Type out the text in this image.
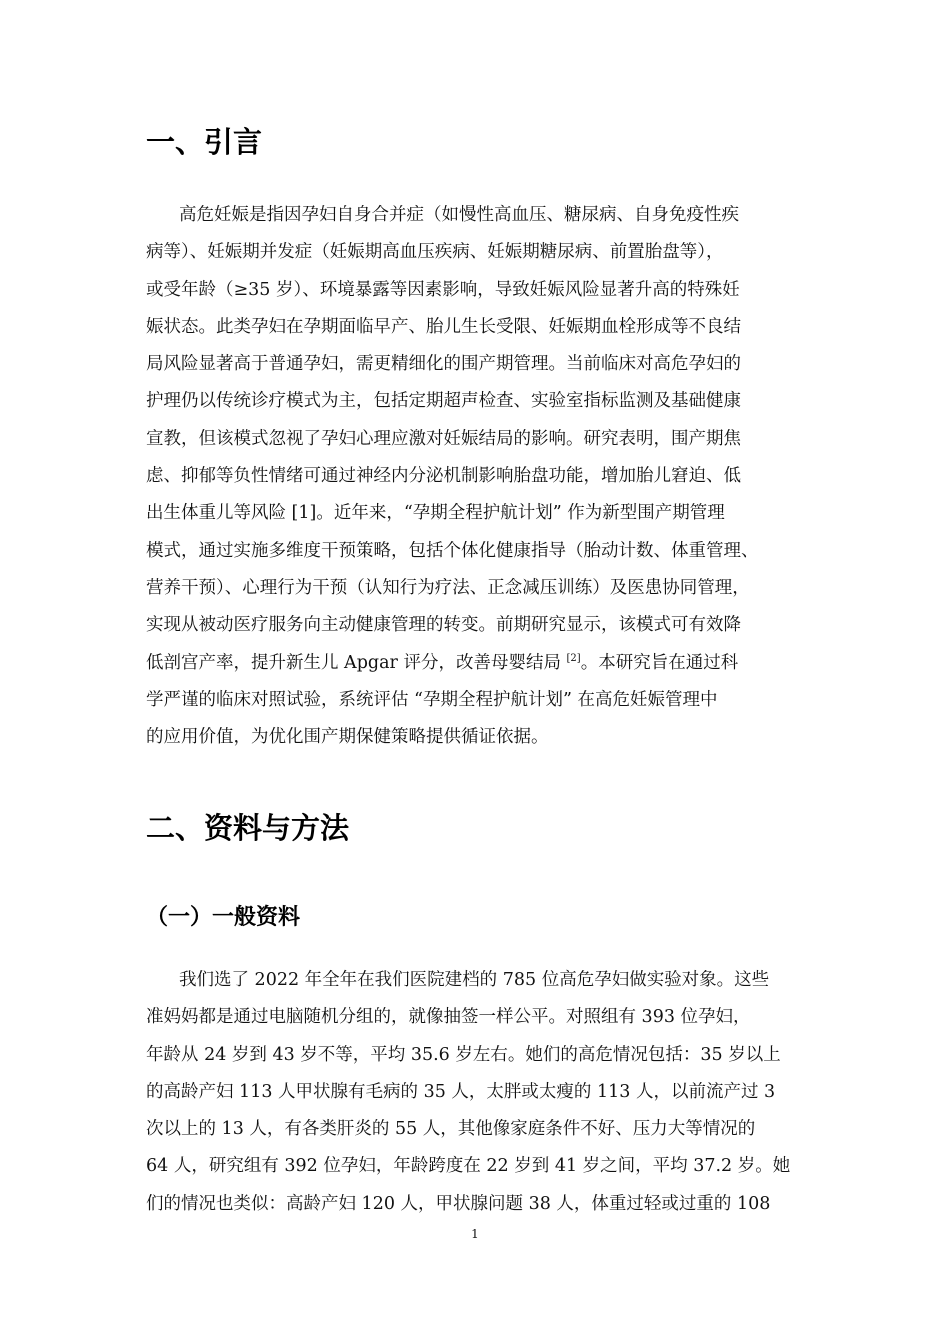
一、引言
高危妊娠是指因孕妇自身合并症（如慢性高血压、糖尿病、自身免疫性疾
病等）、妊娠期并发症（妊娠期高血压疾病、妊娠期糖尿病、前置胎盘等），
或受年龄（≥35 岁）、环境暴露等因素影响，导致妊娠风险显著升高的特殊妊
娠状态。此类孕妇在孕期面临早产、胎儿生长受限、妊娠期血栓形成等不良结
局风险显著高于普通孕妇，需更精细化的围产期管理。当前临床对高危孕妇的
护理仍以传统诊疗模式为主，包括定期超声检查、实验室指标监测及基础健康
宣教，但该模式忽视了孕妇心理应激对妊娠结局的影响。研究表明，围产期焦
虑、抑郁等负性情绪可通过神经内分泌机制影响胎盘功能，增加胎儿窘迫、低
出生体重儿等风险 [1]。近年来，“孕期全程护航计划” 作为新型围产期管理
模式，通过实施多维度干预策略，包括个体化健康指导（胎动计数、体重管理、
营养干预）、心理行为干预（认知行为疗法、正念减压训练）及医患协同管理，
实现从被动医疗服务向主动健康管理的转变。前期研究显示，该模式可有效降
低剖宫产率，提升新生儿 Apgar 评分，改善母婴结局 [2]。本研究旨在通过科
学严谨的临床对照试验，系统评估 “孕期全程护航计划” 在高危妊娠管理中
的应用价值，为优化围产期保健策略提供循证依据。
二、资料与方法
（一）一般资料
我们选了 2022 年全年在我们医院建档的 785 位高危孕妇做实验对象。这些
准妈妈都是通过电脑随机分组的，就像抽签一样公平。对照组有 393 位孕妇，
年龄从 24 岁到 43 岁不等，平均 35.6 岁左右。她们的高危情况包括：35 岁以上
的高龄产妇 113 人甲状腺有毛病的 35 人，太胖或太瘦的 113 人，以前流产过 3
次以上的 13 人，有各类肝炎的 55 人，其他像家庭条件不好、压力大等情况的
64 人，研究组有 392 位孕妇，年龄跨度在 22 岁到 41 岁之间，平均 37.2 岁。她
们的情况也类似：高龄产妇 120 人，甲状腺问题 38 人，体重过轻或过重的 108
1
